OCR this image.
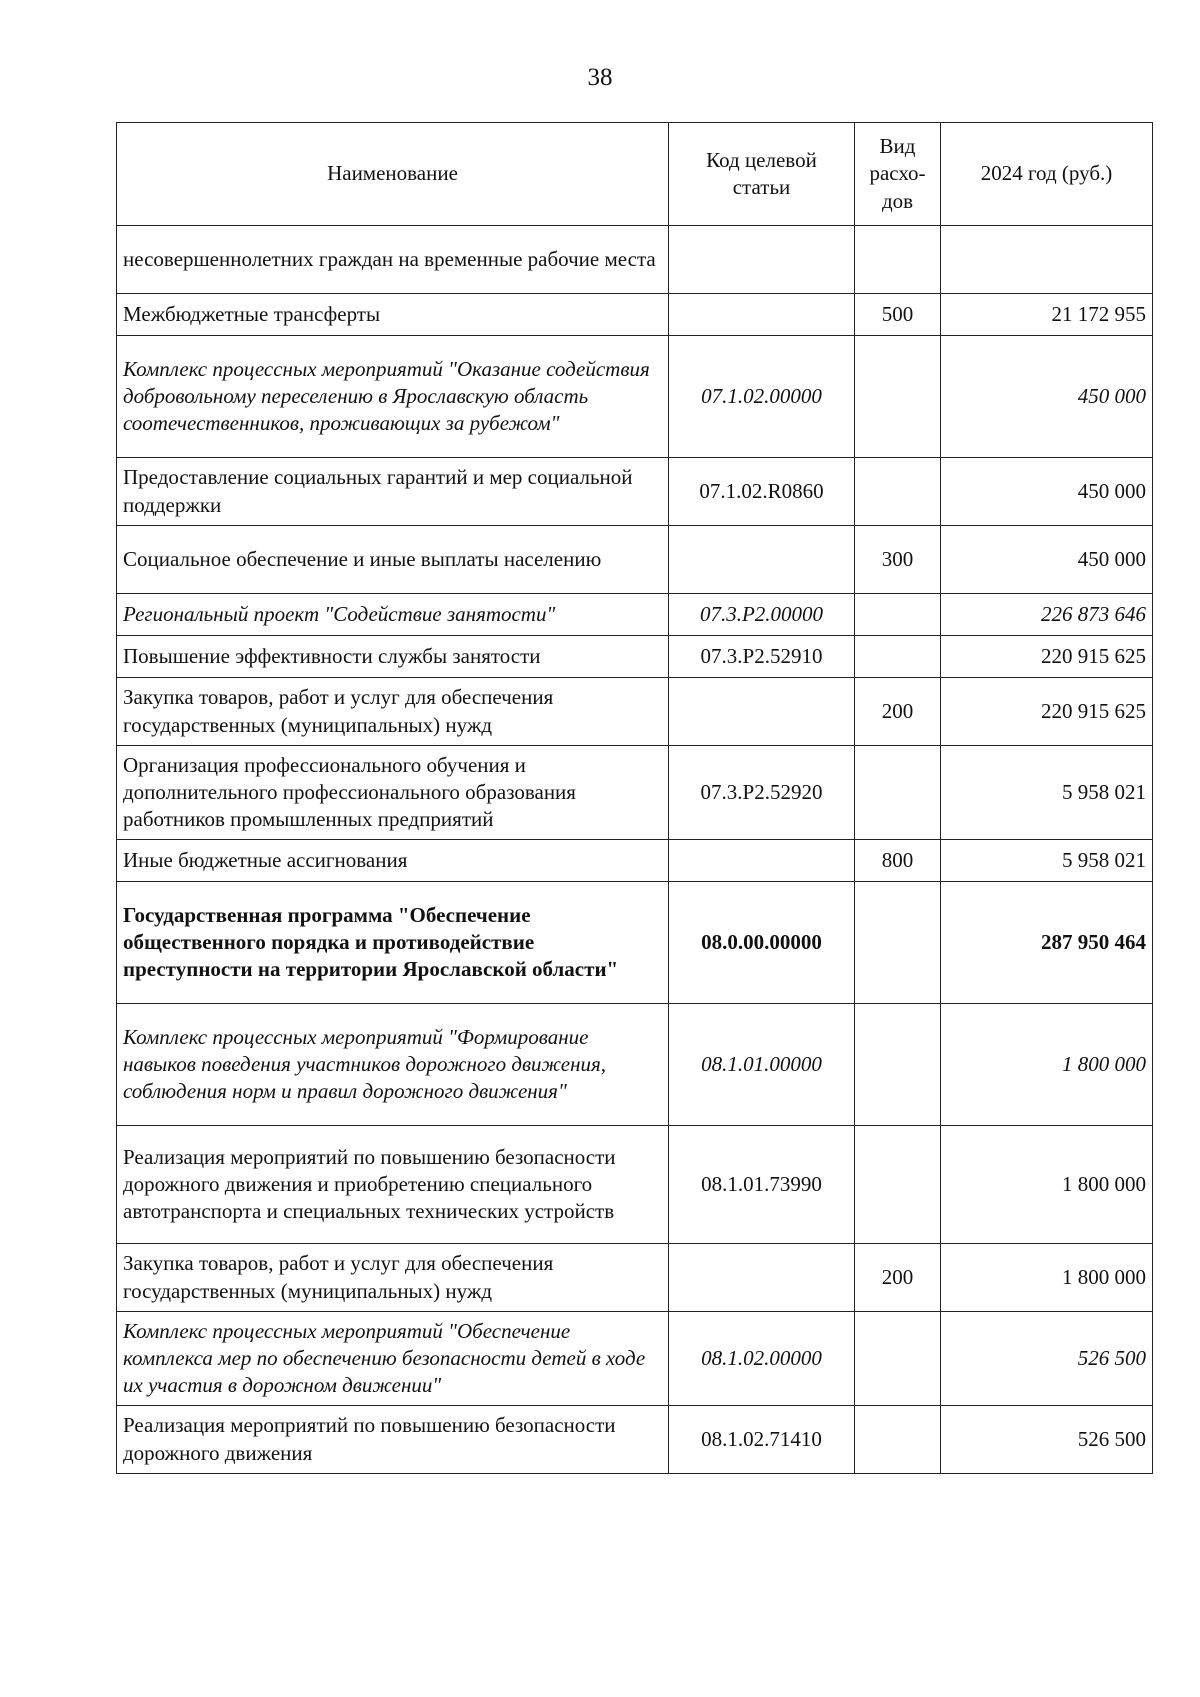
38
Наименование	Код целевой статьи	Вид расхо-дов	2024 год (руб.)
несовершеннолетних граждан на временные рабочие места			
Межбюджетные трансферты		500	21 172 955
Комплекс процессных мероприятий "Оказание содействия добровольному переселению в Ярославскую область соотечественников, проживающих за рубежом"	07.1.02.00000		450 000
Предоставление социальных гарантий и мер социальной поддержки	07.1.02.R0860		450 000
Социальное обеспечение и иные выплаты населению		300	450 000
Региональный проект "Содействие занятости"	07.3.Р2.00000		226 873 646
Повышение эффективности службы занятости	07.3.Р2.52910		220 915 625
Закупка товаров, работ и услуг для обеспечения государственных (муниципальных) нужд		200	220 915 625
Организация профессионального обучения и дополнительного профессионального образования работников промышленных предприятий	07.3.Р2.52920		5 958 021
Иные бюджетные ассигнования		800	5 958 021
Государственная программа "Обеспечение общественного порядка и противодействие преступности на территории Ярославской области"	08.0.00.00000		287 950 464
Комплекс процессных мероприятий "Формирование навыков поведения участников дорожного движения, соблюдения норм и правил дорожного движения"	08.1.01.00000		1 800 000
Реализация мероприятий по повышению безопасности дорожного движения и приобретению специального автотранспорта и специальных технических устройств	08.1.01.73990		1 800 000
Закупка товаров, работ и услуг для обеспечения государственных (муниципальных) нужд		200	1 800 000
Комплекс процессных мероприятий "Обеспечение комплекса мер по обеспечению безопасности детей в ходе их участия в дорожном движении"	08.1.02.00000		526 500
Реализация мероприятий по повышению безопасности дорожного движения	08.1.02.71410		526 500
